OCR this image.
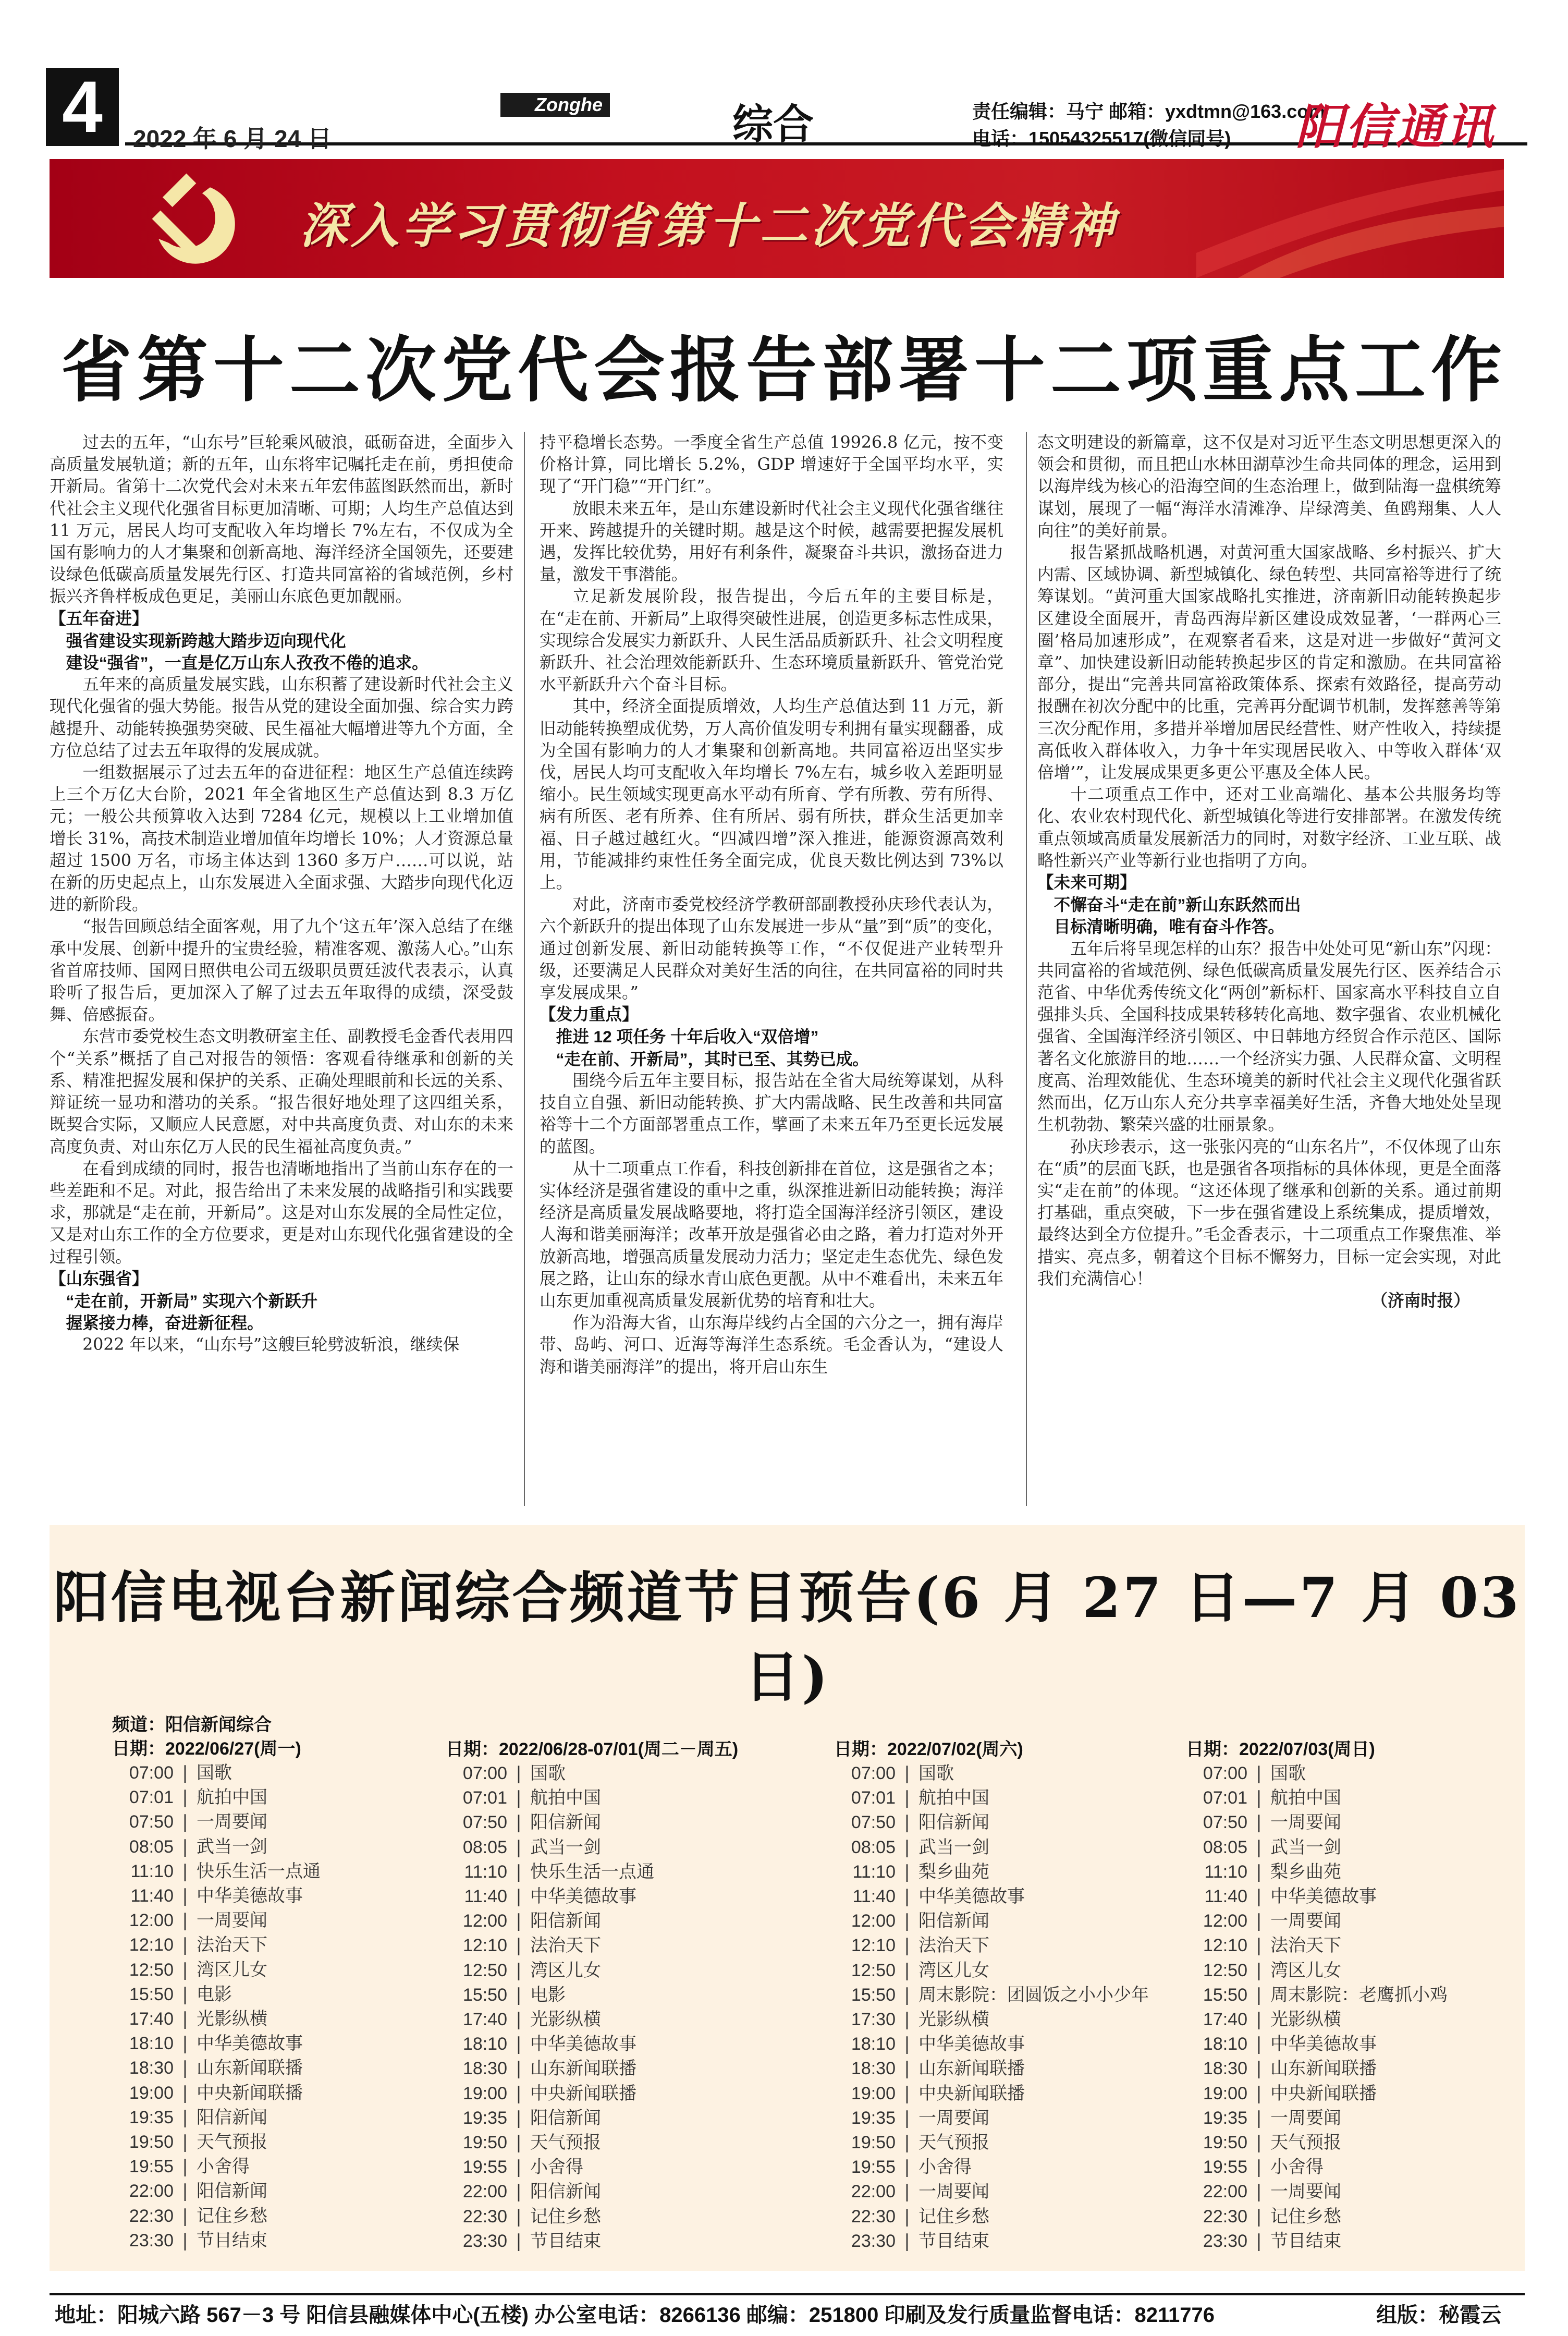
4	Zonghe
2022 年 6 月 24 日	综合	责任编辑：马宁 邮箱：yxdtmn@163.com
电话：15054325517(微信同号) 阳信通讯
深入学习贯彻省第十二次党代会精神
省第十二次党代会报告部署十二项重点工作

过去的五年，“山东号”巨轮乘风破浪，砥砺奋进，全面步入高质量发展轨道；新的五年，山东将牢记嘱托走在前，勇担使命开新局。省第十二次党代会对未来五年宏伟蓝图跃然而出，新时代社会主义现代化强省目标更加清晰、可期；人均生产总值达到 11 万元，居民人均可支配收入年均增长 7%左右，不仅成为全国有影响力的人才集聚和创新高地、海洋经济全国领先，还要建设绿色低碳高质量发展先行区、打造共同富裕的省域范例，乡村振兴齐鲁样板成色更足，美丽山东底色更加靓丽。

【五年奋进】

强省建设实现新跨越大踏步迈向现代化

建设“强省”，一直是亿万山东人孜孜不倦的追求。

五年来的高质量发展实践，山东积蓄了建设新时代社会主义现代化强省的强大势能。报告从党的建设全面加强、综合实力跨越提升、动能转换强势突破、民生福祉大幅增进等九个方面，全方位总结了过去五年取得的发展成就。

一组数据展示了过去五年的奋进征程：地区生产总值连续跨上三个万亿大台阶，2021 年全省地区生产总值达到 8.3 万亿元；一般公共预算收入达到 7284 亿元，规模以上工业增加值增长 31%，高技术制造业增加值年均增长 10%；人才资源总量超过 1500 万名，市场主体达到 1360 多万户……可以说，站在新的历史起点上，山东发展进入全面求强、大踏步向现代化迈进的新阶段。

“报告回顾总结全面客观，用了九个‘这五年’深入总结了在继承中发展、创新中提升的宝贵经验，精准客观、激荡人心。”山东省首席技师、国网日照供电公司五级职员贾廷波代表表示，认真聆听了报告后，更加深入了解了过去五年取得的成绩，深受鼓舞、倍感振奋。

东营市委党校生态文明教研室主任、副教授毛金香代表用四个“关系”概括了自己对报告的领悟：客观看待继承和创新的关系、精准把握发展和保护的关系、正确处理眼前和长远的关系、辩证统一显功和潜功的关系。“报告很好地处理了这四组关系，既契合实际，又顺应人民意愿，对中共高度负责、对山东的未来高度负责、对山东亿万人民的民生福祉高度负责。”

在看到成绩的同时，报告也清晰地指出了当前山东存在的一些差距和不足。对此，报告给出了未来发展的战略指引和实践要求，那就是“走在前，开新局”。这是对山东发展的全局性定位，又是对山东工作的全方位要求，更是对山东现代化强省建设的全过程引领。

【山东强省】

“走在前，开新局” 实现六个新跃升

握紧接力棒，奋进新征程。

2022 年以来，“山东号”这艘巨轮劈波斩浪，继续保

持平稳增长态势。一季度全省生产总值 19926.8 亿元，按不变价格计算，同比增长 5.2%，GDP 增速好于全国平均水平，实现了“开门稳”“开门红”。

放眼未来五年，是山东建设新时代社会主义现代化强省继往开来、跨越提升的关键时期。越是这个时候，越需要把握发展机遇，发挥比较优势，用好有利条件，凝聚奋斗共识，激扬奋进力量，激发干事潜能。

立足新发展阶段，报告提出，今后五年的主要目标是，在“走在前、开新局”上取得突破性进展，创造更多标志性成果，实现综合发展实力新跃升、人民生活品质新跃升、社会文明程度新跃升、社会治理效能新跃升、生态环境质量新跃升、管党治党水平新跃升六个奋斗目标。

其中，经济全面提质增效，人均生产总值达到 11 万元，新旧动能转换塑成优势，万人高价值发明专利拥有量实现翻番，成为全国有影响力的人才集聚和创新高地。共同富裕迈出坚实步伐，居民人均可支配收入年均增长 7%左右，城乡收入差距明显缩小。民生领域实现更高水平动有所育、学有所教、劳有所得、病有所医、老有所养、住有所居、弱有所扶，群众生活更加幸福、日子越过越红火。“四减四增”深入推进，能源资源高效利用，节能减排约束性任务全面完成，优良天数比例达到 73%以上。

对此，济南市委党校经济学教研部副教授孙庆珍代表认为，六个新跃升的提出体现了山东发展进一步从“量”到“质”的变化，通过创新发展、新旧动能转换等工作，“不仅促进产业转型升级，还要满足人民群众对美好生活的向往，在共同富裕的同时共享发展成果。”

【发力重点】

推进 12 项任务 十年后收入“双倍增”

“走在前、开新局”，其时已至、其势已成。

围绕今后五年主要目标，报告站在全省大局统筹谋划，从科技自立自强、新旧动能转换、扩大内需战略、民生改善和共同富裕等十二个方面部署重点工作，擘画了未来五年乃至更长远发展的蓝图。

从十二项重点工作看，科技创新排在首位，这是强省之本；实体经济是强省建设的重中之重，纵深推进新旧动能转换；海洋经济是高质量发展战略要地，将打造全国海洋经济引领区，建设人海和谐美丽海洋；改革开放是强省必由之路，着力打造对外开放新高地，增强高质量发展动力活力；坚定走生态优先、绿色发展之路，让山东的绿水青山底色更靓。从中不难看出，未来五年山东更加重视高质量发展新优势的培育和壮大。

作为沿海大省，山东海岸线约占全国的六分之一，拥有海岸带、岛屿、河口、近海等海洋生态系统。毛金香认为，“建设人海和谐美丽海洋”的提出，将开启山东生

态文明建设的新篇章，这不仅是对习近平生态文明思想更深入的领会和贯彻，而且把山水林田湖草沙生命共同体的理念，运用到以海岸线为核心的沿海空间的生态治理上，做到陆海一盘棋统筹谋划，展现了一幅“海洋水清滩净、岸绿湾美、鱼鸥翔集、人人向往”的美好前景。

报告紧抓战略机遇，对黄河重大国家战略、乡村振兴、扩大内需、区域协调、新型城镇化、绿色转型、共同富裕等进行了统筹谋划。“黄河重大国家战略扎实推进，济南新旧动能转换起步区建设全面展开，青岛西海岸新区建设成效显著，‘一群两心三圈’格局加速形成”，在观察者看来，这是对进一步做好“黄河文章”、加快建设新旧动能转换起步区的肯定和激励。在共同富裕部分，提出“完善共同富裕政策体系、探索有效路径，提高劳动报酬在初次分配中的比重，完善再分配调节机制，发挥慈善等第三次分配作用，多措并举增加居民经营性、财产性收入，持续提高低收入群体收入，力争十年实现居民收入、中等收入群体‘双倍增’”，让发展成果更多更公平惠及全体人民。

十二项重点工作中，还对工业高端化、基本公共服务均等化、农业农村现代化、新型城镇化等进行安排部署。在激发传统重点领域高质量发展新活力的同时，对数字经济、工业互联、战略性新兴产业等新行业也指明了方向。

【未来可期】

不懈奋斗“走在前”新山东跃然而出

目标清晰明确，唯有奋斗作答。

五年后将呈现怎样的山东？报告中处处可见“新山东”闪现：共同富裕的省域范例、绿色低碳高质量发展先行区、医养结合示范省、中华优秀传统文化“两创”新标杆、国家高水平科技自立自强排头兵、全国科技成果转移转化高地、数字强省、农业机械化强省、全国海洋经济引领区、中日韩地方经贸合作示范区、国际著名文化旅游目的地……一个经济实力强、人民群众富、文明程度高、治理效能优、生态环境美的新时代社会主义现代化强省跃然而出，亿万山东人充分共享幸福美好生活，齐鲁大地处处呈现生机勃勃、繁荣兴盛的壮丽景象。

孙庆珍表示，这一张张闪亮的“山东名片”，不仅体现了山东在“质”的层面飞跃，也是强省各项指标的具体体现，更是全面落实“走在前”的体现。“这还体现了继承和创新的关系。通过前期打基础，重点突破，下一步在强省建设上系统集成，提质增效，最终达到全方位提升。”毛金香表示，十二项重点工作聚焦准、举措实、亮点多，朝着这个目标不懈努力，目标一定会实现，对此我们充满信心！

（济南时报）

阳信电视台新闻综合频道节目预告(6 月 27 日—7 月 03 日)
频道：阳信新闻综合
日期：2022/06/27(周一)
07:00 | 国歌
07:01 | 航拍中国
07:50 | 一周要闻
08:05 | 武当一剑
11:10 | 快乐生活一点通
11:40 | 中华美德故事
12:00 | 一周要闻
12:10 | 法治天下
12:50 | 湾区儿女
15:50 | 电影
17:40 | 光影纵横
18:10 | 中华美德故事
18:30 | 山东新闻联播
19:00 | 中央新闻联播
19:35 | 阳信新闻
19:50 | 天气预报
19:55 | 小舍得
22:00 | 阳信新闻
22:30 | 记住乡愁
23:30 | 节目结束
日期：2022/06/28-07/01(周二－周五)
07:00 | 国歌
07:01 | 航拍中国
07:50 | 阳信新闻
08:05 | 武当一剑
11:10 | 快乐生活一点通
11:40 | 中华美德故事
12:00 | 阳信新闻
12:10 | 法治天下
12:50 | 湾区儿女
15:50 | 电影
17:40 | 光影纵横
18:10 | 中华美德故事
18:30 | 山东新闻联播
19:00 | 中央新闻联播
19:35 | 阳信新闻
19:50 | 天气预报
19:55 | 小舍得
22:00 | 阳信新闻
22:30 | 记住乡愁
23:30 | 节目结束
日期：2022/07/02(周六)
07:00 | 国歌
07:01 | 航拍中国
07:50 | 阳信新闻
08:05 | 武当一剑
11:10 | 梨乡曲苑
11:40 | 中华美德故事
12:00 | 阳信新闻
12:10 | 法治天下
12:50 | 湾区儿女
15:50 | 周末影院：团圆饭之小小少年
17:30 | 光影纵横
18:10 | 中华美德故事
18:30 | 山东新闻联播
19:00 | 中央新闻联播
19:35 | 一周要闻
19:50 | 天气预报
19:55 | 小舍得
22:00 | 一周要闻
22:30 | 记住乡愁
23:30 | 节目结束
日期：2022/07/03(周日)
07:00 | 国歌
07:01 | 航拍中国
07:50 | 一周要闻
08:05 | 武当一剑
11:10 | 梨乡曲苑
11:40 | 中华美德故事
12:00 | 一周要闻
12:10 | 法治天下
12:50 | 湾区儿女
15:50 | 周末影院：老鹰抓小鸡
17:40 | 光影纵横
18:10 | 中华美德故事
18:30 | 山东新闻联播
19:00 | 中央新闻联播
19:35 | 一周要闻
19:50 | 天气预报
19:55 | 小舍得
22:00 | 一周要闻
22:30 | 记住乡愁
23:30 | 节目结束
地址：阳城六路 567－3 号 阳信县融媒体中心(五楼) 办公室电话：8266136 邮编：251800 印刷及发行质量监督电话：8211776	组版：秘霞云
